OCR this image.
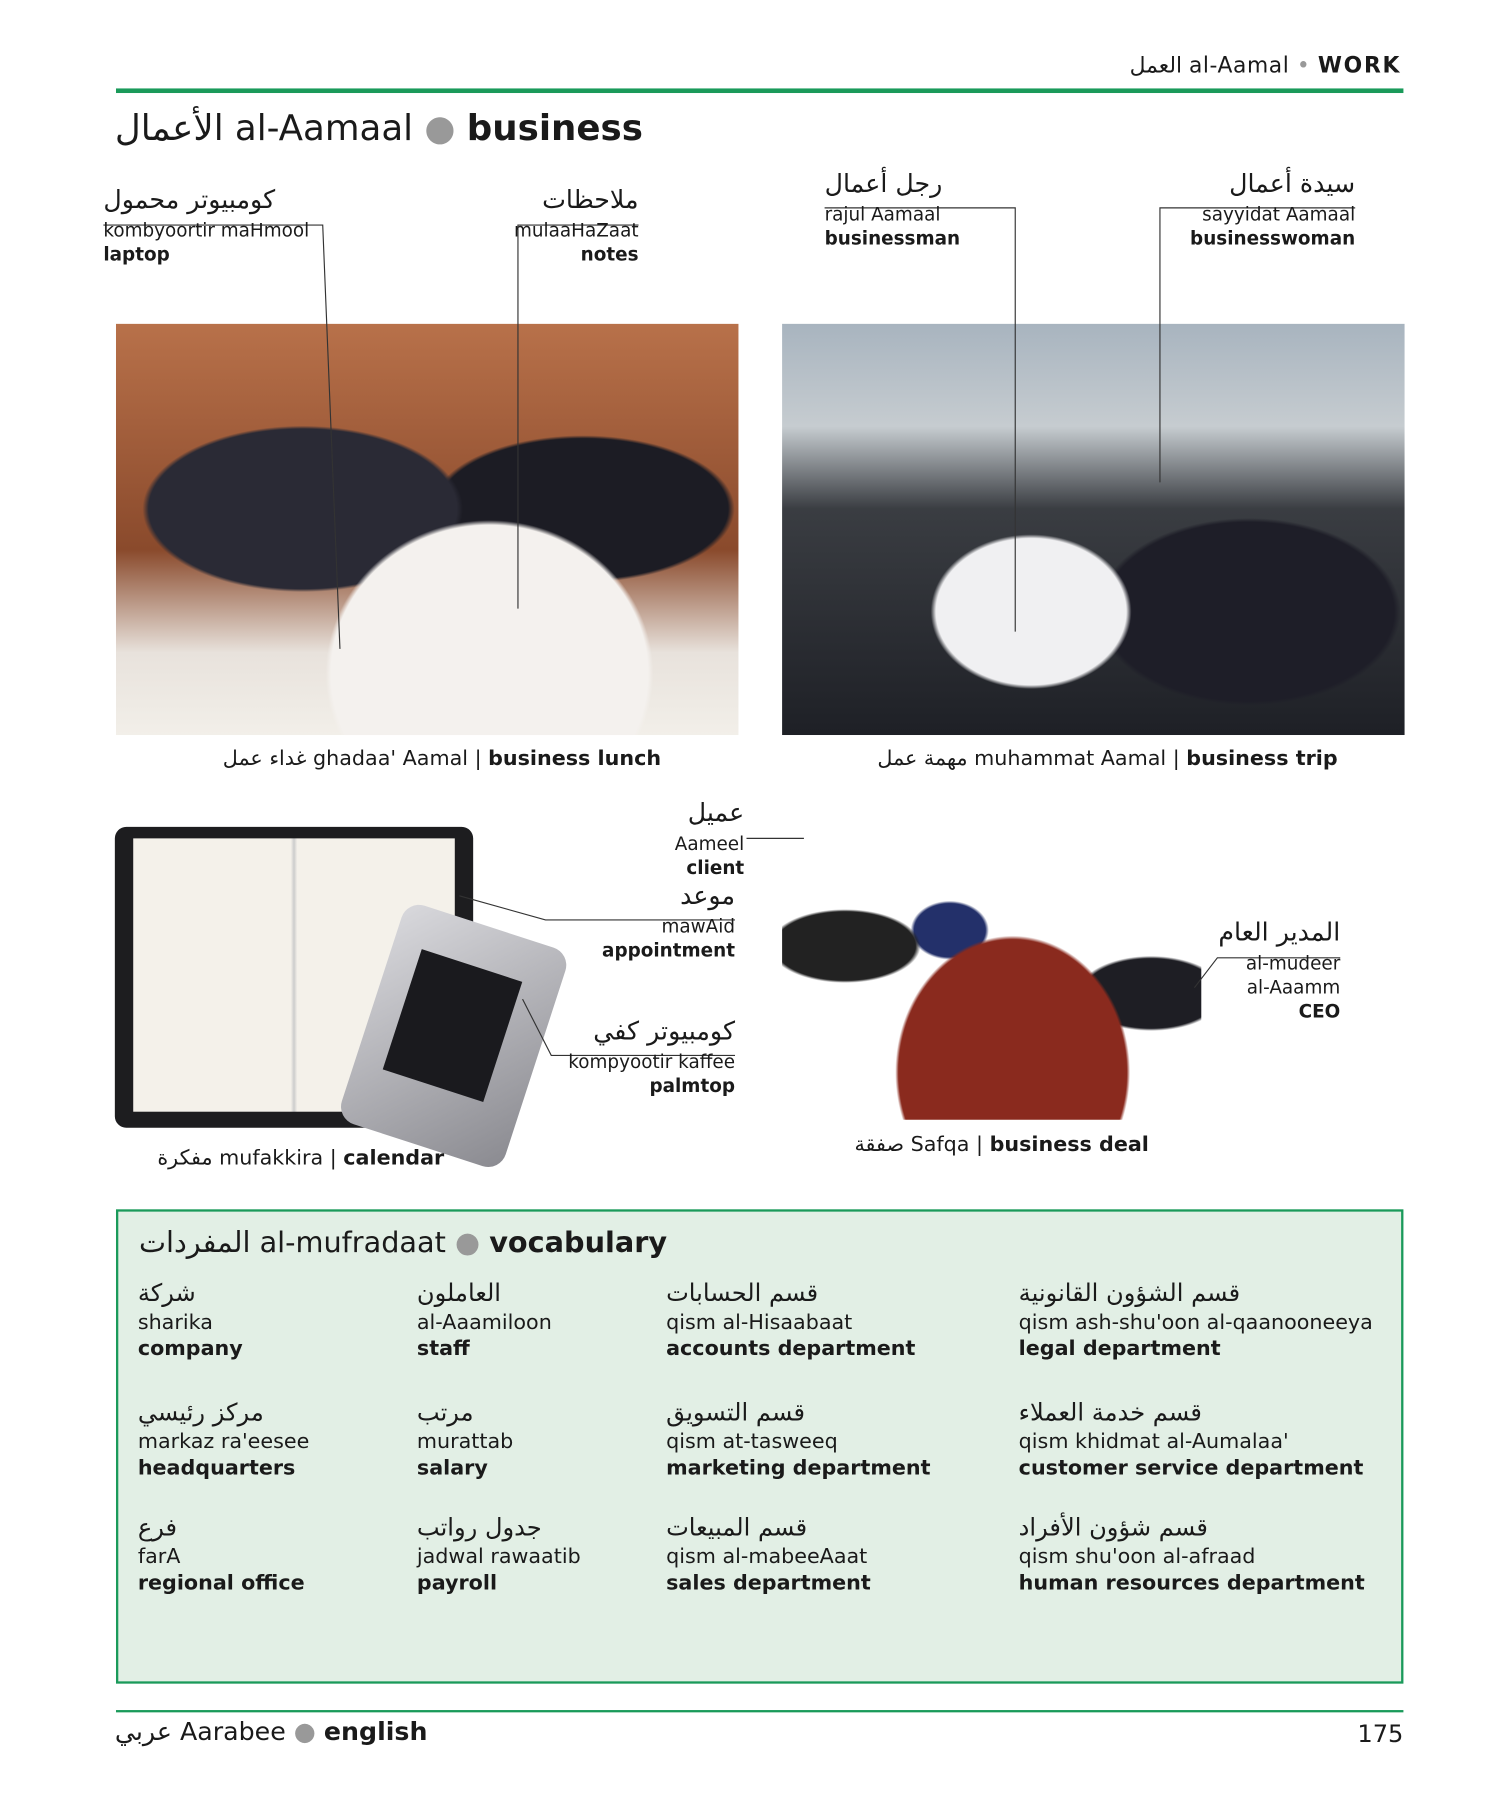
العمل al-Aamal • WORK
الأعمال al-Aamaal ● business
كومبيوتر محمول
kombyoortir maHmool
laptop
ملاحظات
mulaaHaZaat
notes
رجل أعمال
rajul Aamaal
businessman
سيدة أعمال
sayyidat Aamaal
businesswoman
عميل
Aameel
client
موعد
mawAid
appointment
كومبيوتر كفي
kompyootir kaffee
palmtop
المدير العام
al-mudeer
al-Aaamm
CEO
غداء عمل ghadaa' Aamal | business lunch	مهمة عمل muhammat Aamal | business trip
مفكرة mufakkira | calendar
صفقة Safqa | business deal
المفردات al-mufradaat ● vocabulary
شركة
sharika
company
العاملون
al-Aaamiloon
staff
قسم الحسابات
qism al-Hisaabaat
accounts department
قسم الشؤون القانونية
qism ash-shu'oon al-qaanooneeya
legal department
مركز رئيسي
markaz ra'eesee
headquarters
مرتب
murattab
salary
قسم التسويق
qism at-tasweeq
marketing department
قسم خدمة العملاء
qism khidmat al-Aumalaa'
customer service department
فرع
farA
regional office
جدول رواتب
jadwal rawaatib
payroll
قسم المبيعات
qism al-mabeeAaat
sales department
قسم شؤون الأفراد
qism shu'oon al-afraad
human resources department
عربي Aarabee ● english	175
